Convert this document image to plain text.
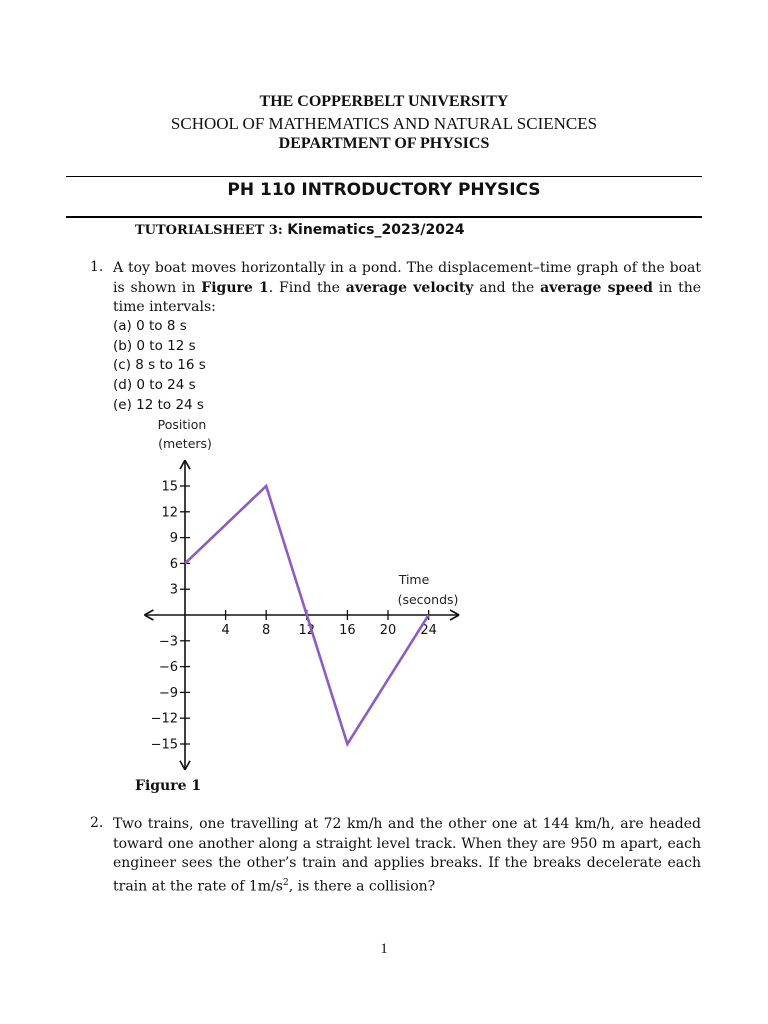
THE COPPERBELT UNIVERSITY
SCHOOL OF MATHEMATICS AND NATURAL SCIENCES
DEPARTMENT OF PHYSICS
PH 110 INTRODUCTORY PHYSICS
TUTORIALSHEET 3: Kinematics_2023/2024
1. A toy boat moves horizontally in a pond. The displacement–time graph of the boat is shown in Figure 1. Find the average velocity and the average speed in the time intervals:
(a) 0 to 8 s
(b) 0 to 12 s
(c) 8 s to 16 s
(d) 0 to 24 s
(e) 12 to 24 s
4 8 12 16 20 24
15
12
9
6
3
−3
−6
−9
−12
−15
Position
(meters)
Time
(seconds)
Figure 1
2. Two trains, one travelling at 72 km/h and the other one at 144 km/h, are headed toward one another along a straight level track. When they are 950 m apart, each engineer sees the other’s train and applies breaks. If the breaks decelerate each train at the rate of $1m/s^2$, is there a collision?
1
